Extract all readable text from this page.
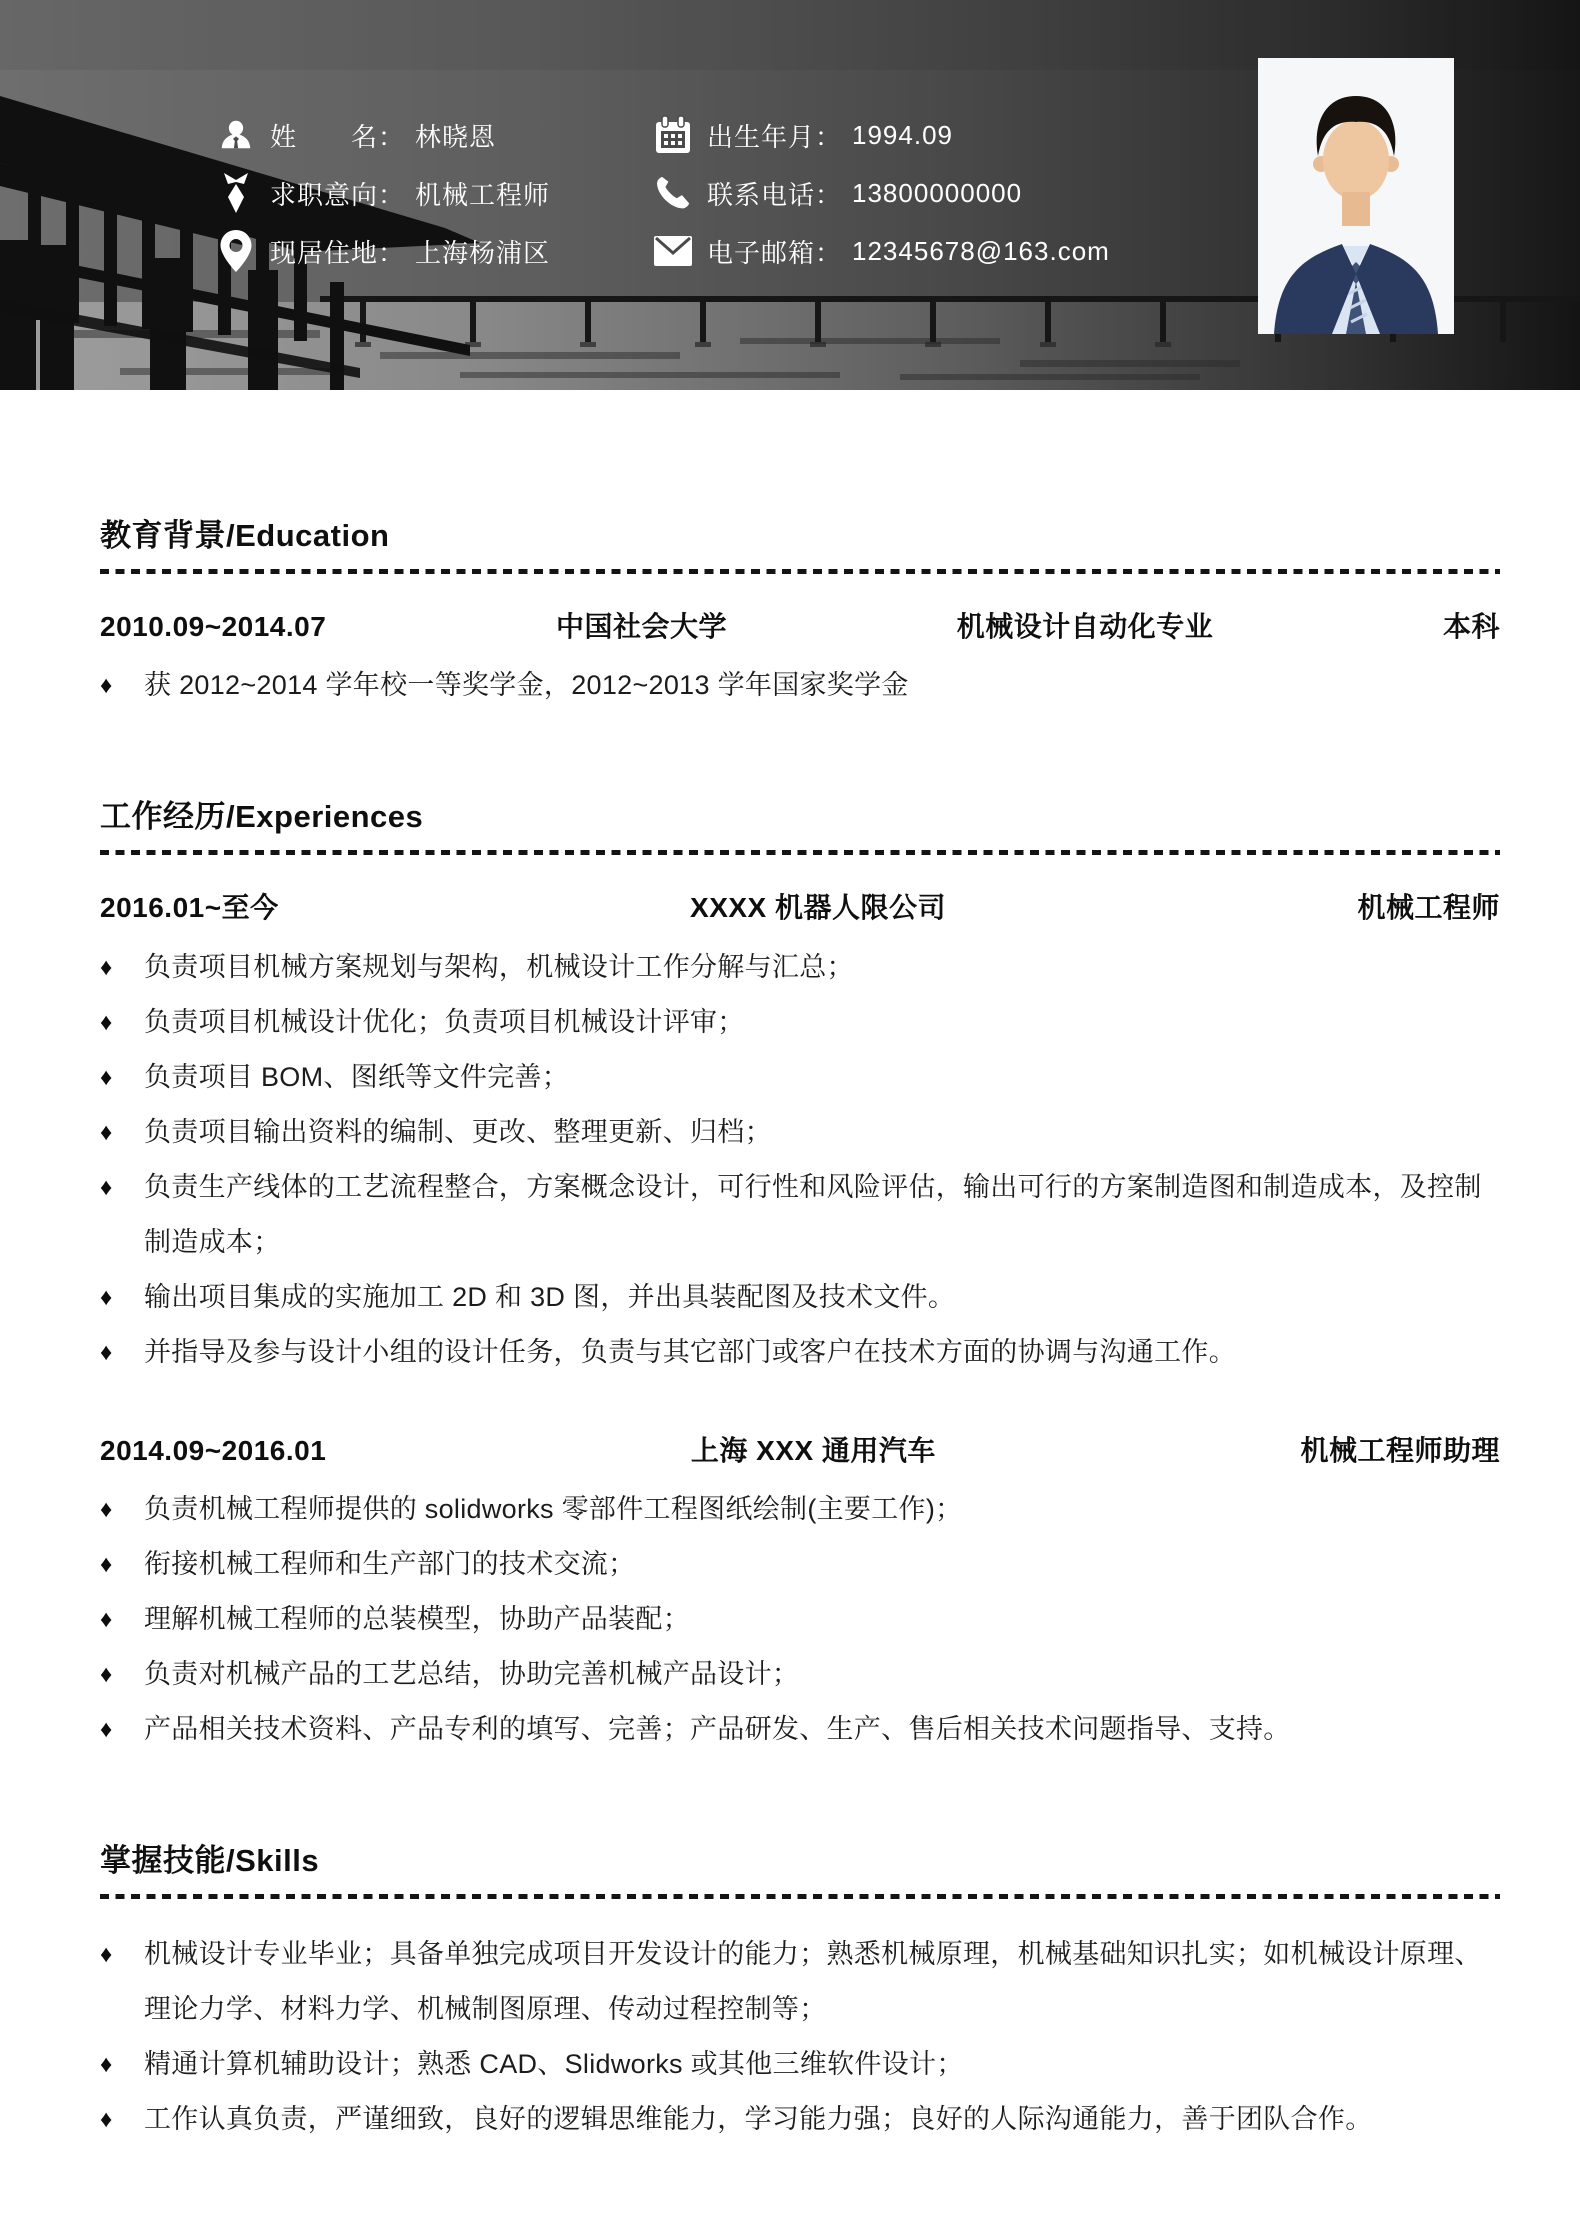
姓　　名： 林晓恩
求职意向： 机械工程师
现居住地： 上海杨浦区
出生年月： 1994.09
联系电话： 13800000000
电子邮箱： 12345678@163.com
教育背景/Education
2010.09~2014.07	中国社会大学	机械设计自动化专业	本科
♦	获 2012~2014 学年校一等奖学金，2012~2013 学年国家奖学金
工作经历/Experiences
2016.01~至今	XXXX 机器人限公司	机械工程师
♦	负责项目机械方案规划与架构，机械设计工作分解与汇总；
♦	负责项目机械设计优化；负责项目机械设计评审；
♦	负责项目 BOM、图纸等文件完善；
♦	负责项目输出资料的编制、更改、整理更新、归档；
♦	负责生产线体的工艺流程整合，方案概念设计，可行性和风险评估，输出可行的方案制造图和制造成本，及控制制造成本；
♦	输出项目集成的实施加工 2D 和 3D 图，并出具装配图及技术文件。
♦	并指导及参与设计小组的设计任务，负责与其它部门或客户在技术方面的协调与沟通工作。
2014.09~2016.01	上海 XXX 通用汽车	机械工程师助理
♦	负责机械工程师提供的 solidworks 零部件工程图纸绘制(主要工作)；
♦	衔接机械工程师和生产部门的技术交流；
♦	理解机械工程师的总装模型，协助产品装配；
♦	负责对机械产品的工艺总结，协助完善机械产品设计；
♦	产品相关技术资料、产品专利的填写、完善；产品研发、生产、售后相关技术问题指导、支持。
掌握技能/Skills
♦	机械设计专业毕业；具备单独完成项目开发设计的能力；熟悉机械原理，机械基础知识扎实；如机械设计原理、理论力学、材料力学、机械制图原理、传动过程控制等；
♦	精通计算机辅助设计；熟悉 CAD、Slidworks 或其他三维软件设计；
♦	工作认真负责，严谨细致，良好的逻辑思维能力，学习能力强；良好的人际沟通能力，善于团队合作。
